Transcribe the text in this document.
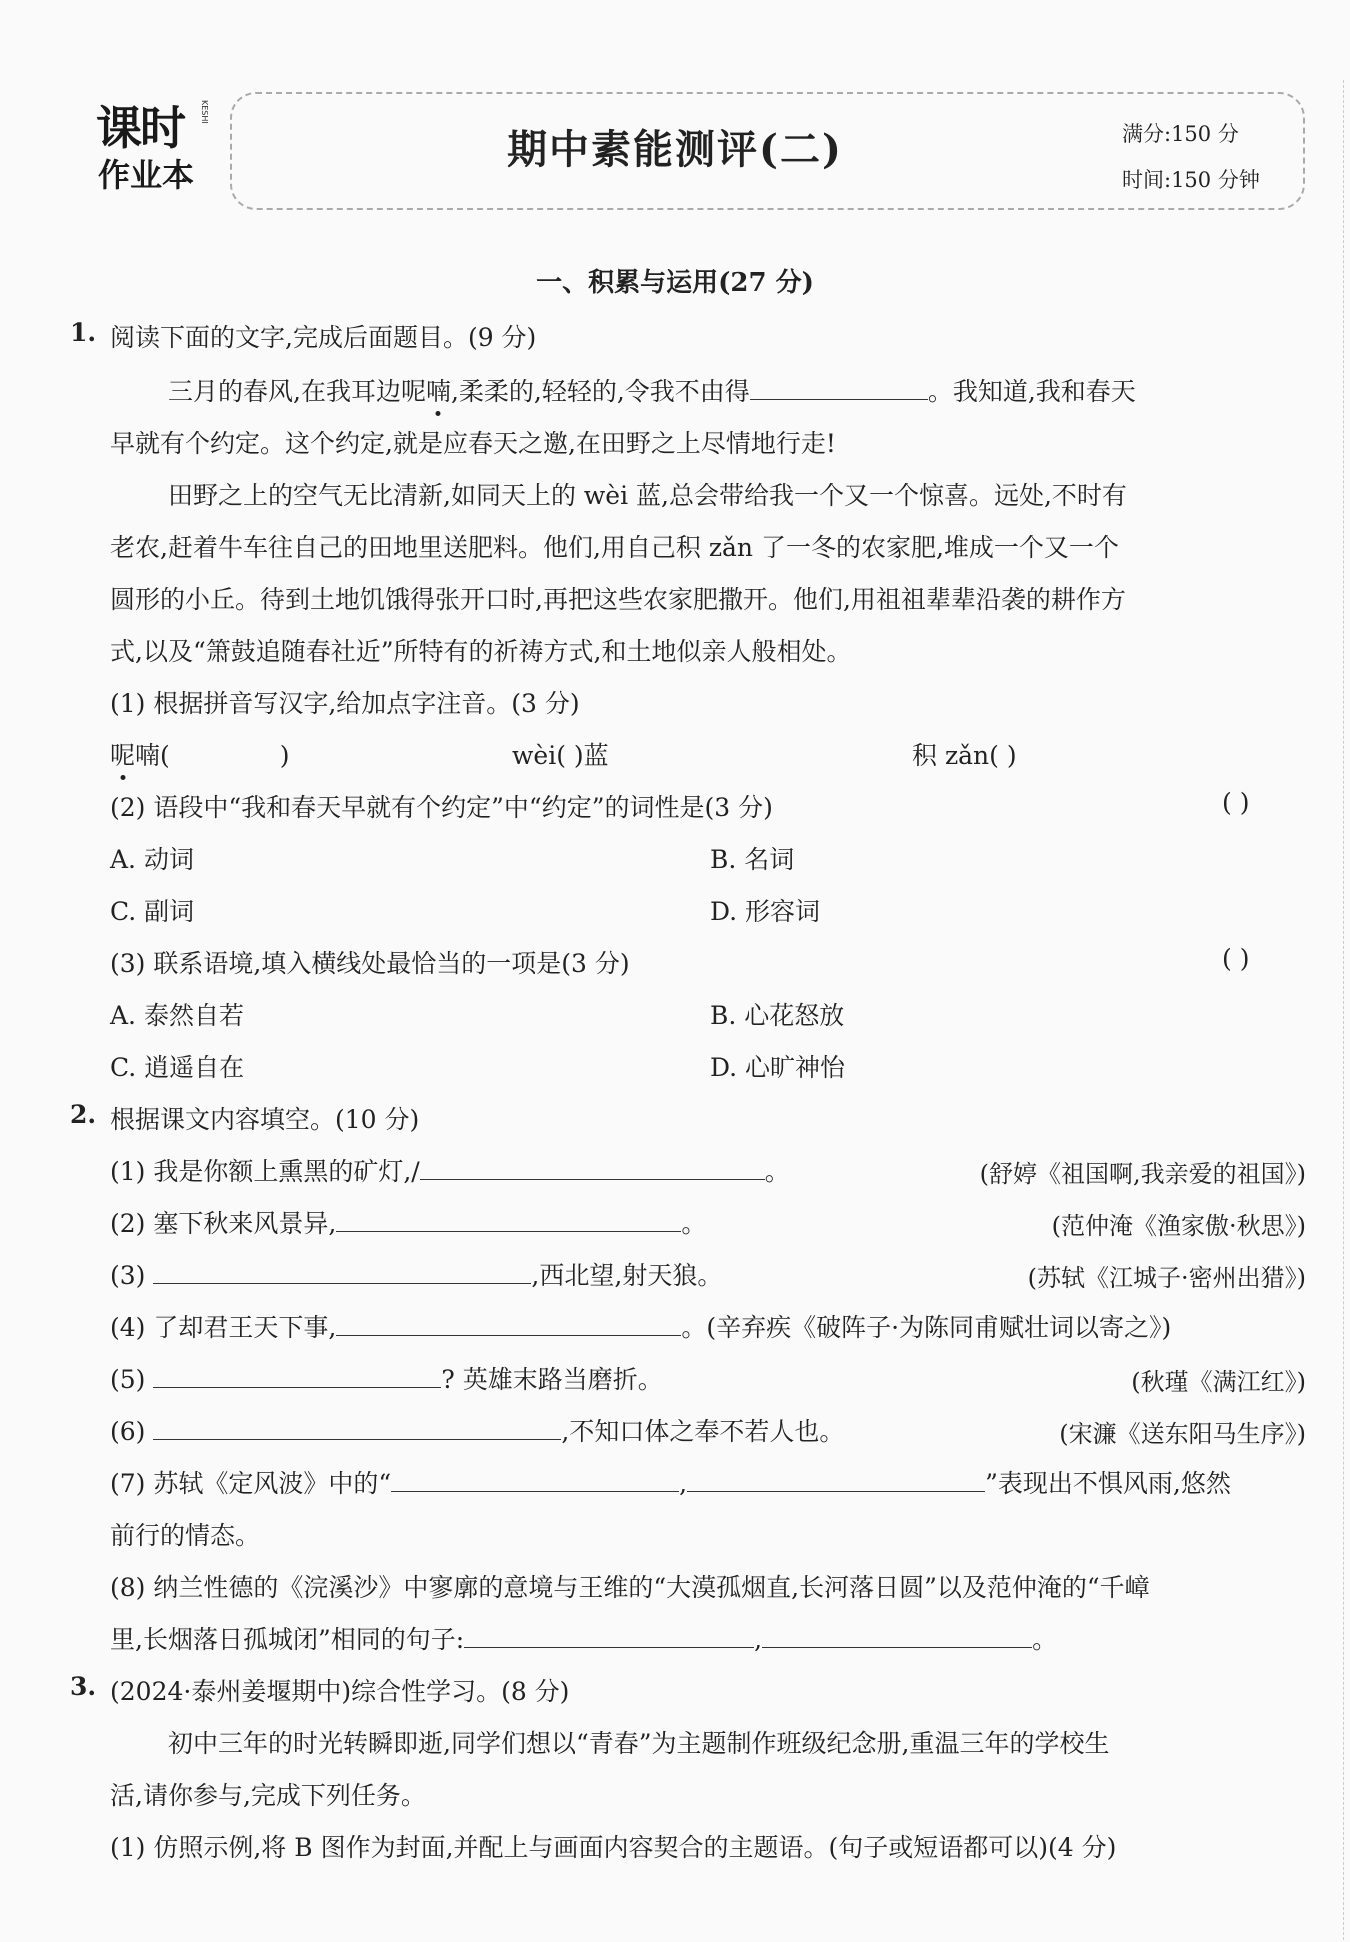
课时
作业本
KESHI
期中素能测评(二)	满分:150 分
时间:150 分钟
一、积累与运用(27 分)
1. 阅读下面的文字,完成后面题目。(9 分)
三月的春风,在我耳边呢喃,柔柔的,轻轻的,令我不由得	。我知道,我和春天
早就有个约定。这个约定,就是应春天之邀,在田野之上尽情地行走!
田野之上的空气无比清新,如同天上的 wèi 蓝,总会带给我一个又一个惊喜。远处,不时有
老农,赶着牛车往自己的田地里送肥料。他们,用自己积 zǎn 了一冬的农家肥,堆成一个又一个
圆形的小丘。待到土地饥饿得张开口时,再把这些农家肥撒开。他们,用祖祖辈辈沿袭的耕作方
式,以及“箫鼓追随春社近”所特有的祈祷方式,和土地似亲人般相处。
(1) 根据拼音写汉字,给加点字注音。(3 分)
呢喃(	)	wèi( )蓝	积 zǎn( )
(2) 语段中“我和春天早就有个约定”中“约定”的词性是(3 分)	( )
A. 动词	B. 名词
C. 副词	D. 形容词
(3) 联系语境,填入横线处最恰当的一项是(3 分)	( )
A. 泰然自若	B. 心花怒放
C. 逍遥自在	D. 心旷神怡
2. 根据课文内容填空。(10 分)
(1) 我是你额上熏黑的矿灯,/	。	(舒婷《祖国啊,我亲爱的祖国》)
(2) 塞下秋来风景异,	。	(范仲淹《渔家傲·秋思》)
(3)	,西北望,射天狼。	(苏轼《江城子·密州出猎》)
(4) 了却君王天下事,	。(辛弃疾《破阵子·为陈同甫赋壮词以寄之》)
(5)	? 英雄末路当磨折。	(秋瑾《满江红》)
(6)	,不知口体之奉不若人也。	(宋濂《送东阳马生序》)
(7) 苏轼《定风波》中的“	,	”表现出不惧风雨,悠然
前行的情态。
(8) 纳兰性德的《浣溪沙》中寥廓的意境与王维的“大漠孤烟直,长河落日圆”以及范仲淹的“千嶂
里,长烟落日孤城闭”相同的句子:	,	。
3. (2024·泰州姜堰期中)综合性学习。(8 分)
初中三年的时光转瞬即逝,同学们想以“青春”为主题制作班级纪念册,重温三年的学校生
活,请你参与,完成下列任务。
(1) 仿照示例,将 B 图作为封面,并配上与画面内容契合的主题语。(句子或短语都可以)(4 分)
